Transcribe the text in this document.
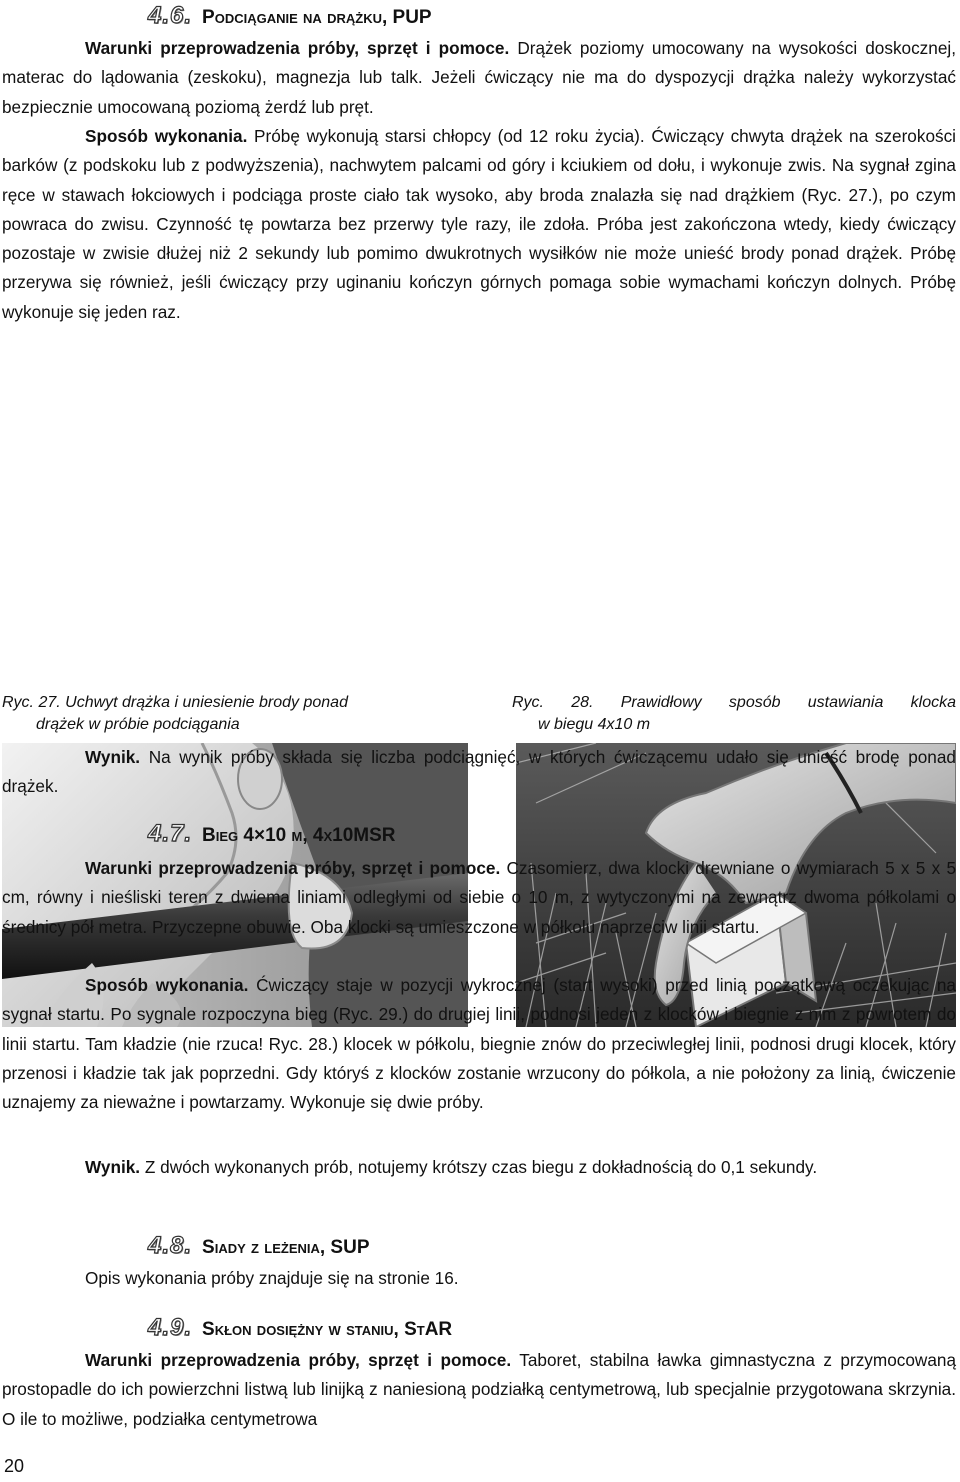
4.6. Podciąganie na drążku, PUP

Warunki przeprowadzenia próby, sprzęt i pomoce. Drążek poziomy umocowany na wysokości doskocznej, materac do lądowania (zeskoku), magnezja lub talk. Jeżeli ćwiczący nie ma do dyspozycji drążka należy wykorzystać bezpiecznie umocowaną poziomą żerdź lub pręt.

Sposób wykonania. Próbę wykonują starsi chłopcy (od 12 roku życia). Ćwiczący chwyta drążek na szerokości barków (z podskoku lub z podwyższenia), nachwytem palcami od góry i kciukiem od dołu, i wykonuje zwis. Na sygnał zgina ręce w stawach łokciowych i podciąga proste ciało tak wysoko, aby broda znalazła się nad drążkiem (Ryc. 27.), po czym powraca do zwisu. Czynność tę powtarza bez przerwy tyle razy, ile zdoła. Próba jest zakończona wtedy, kiedy ćwiczący pozostaje w zwisie dłużej niż 2 sekundy lub pomimo dwukrotnych wysiłków nie może unieść brody ponad drążek. Próbę przerywa się również, jeśli ćwiczący przy uginaniu kończyn górnych pomaga sobie wymachami kończyn dolnych. Próbę wykonuje się jeden raz.

Ryc. 27. Uchwyt drążka i uniesienie brody ponad
drążek w próbie podciągania
Ryc. 28. Prawidłowy sposób ustawiania klocka
w biegu 4x10 m

Wynik. Na wynik próby składa się liczba podciągnięć, w których ćwiczącemu udało się unieść brodę ponad drążek.

4.7. Bieg 4×10 m, 4x10MSR

Warunki przeprowadzenia próby, sprzęt i pomoce. Czasomierz, dwa klocki drewniane o wymiarach 5 x 5 x 5 cm, równy i nieśliski teren z dwiema liniami odległymi od siebie o 10 m, z wytyczonymi na zewnątrz dwoma półkolami o średnicy pół metra. Przyczepne obuwie. Oba klocki są umieszczone w półkolu naprzeciw linii startu.

Sposób wykonania. Ćwiczący staje w pozycji wykrocznej (start wysoki) przed linią początkową oczekując na sygnał startu. Po sygnale rozpoczyna bieg (Ryc. 29.) do drugiej linii, podnosi jeden z klocków i biegnie z nim z powrotem do linii startu. Tam kładzie (nie rzuca! Ryc. 28.) klocek w półkolu, biegnie znów do przeciwległej linii, podnosi drugi klocek, który przenosi i kładzie tak jak poprzedni. Gdy któryś z klocków zostanie wrzucony do półkola, a nie położony za linią, ćwiczenie uznajemy za nieważne i powtarzamy. Wykonuje się dwie próby.

Wynik. Z dwóch wykonanych prób, notujemy krótszy czas biegu z dokładnością do 0,1 sekundy.

4.8. Siady z leżenia, SUP

Opis wykonania próby znajduje się na stronie 16.

4.9. Skłon dosiężny w staniu, StAR

Warunki przeprowadzenia próby, sprzęt i pomoce. Taboret, stabilna ławka gimnastyczna z przymocowaną prostopadle do ich powierzchni listwą lub linijką z naniesioną podziałką centymetrową, lub specjalnie przygotowana skrzynia. O ile to możliwe, podziałka centymetrowa

20
